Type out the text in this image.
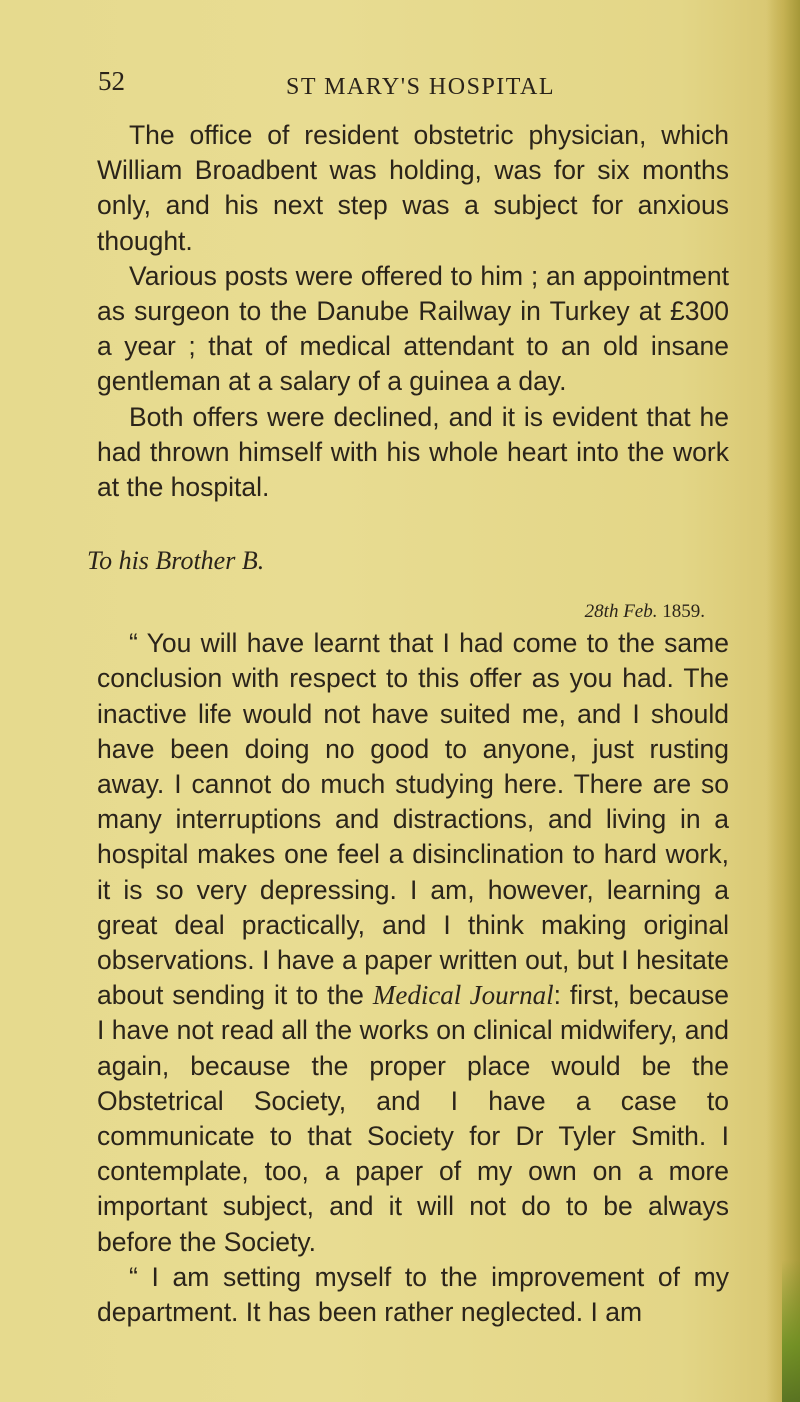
52	ST MARY'S HOSPITAL

The office of resident obstetric physician, which William Broadbent was holding, was for six months only, and his next step was a subject for anxious thought.

Various posts were offered to him ; an appointment as surgeon to the Danube Railway in Turkey at £300 a year ; that of medical attendant to an old insane gentleman at a salary of a guinea a day.

Both offers were declined, and it is evident that he had thrown himself with his whole heart into the work at the hospital.

To his Brother B.

28th Feb. 1859.

“ You will have learnt that I had come to the same conclusion with respect to this offer as you had. The inactive life would not have suited me, and I should have been doing no good to anyone, just rusting away. I cannot do much studying here. There are so many interruptions and distractions, and living in a hospital makes one feel a disinclination to hard work, it is so very depressing. I am, however, learning a great deal practically, and I think making original observations. I have a paper written out, but I hesitate about sending it to the Medical Journal: first, because I have not read all the works on clinical midwifery, and again, because the proper place would be the Obstetrical Society, and I have a case to communicate to that Society for Dr Tyler Smith. I contemplate, too, a paper of my own on a more important subject, and it will not do to be always before the Society.

“ I am setting myself to the improvement of my department. It has been rather neglected. I am
